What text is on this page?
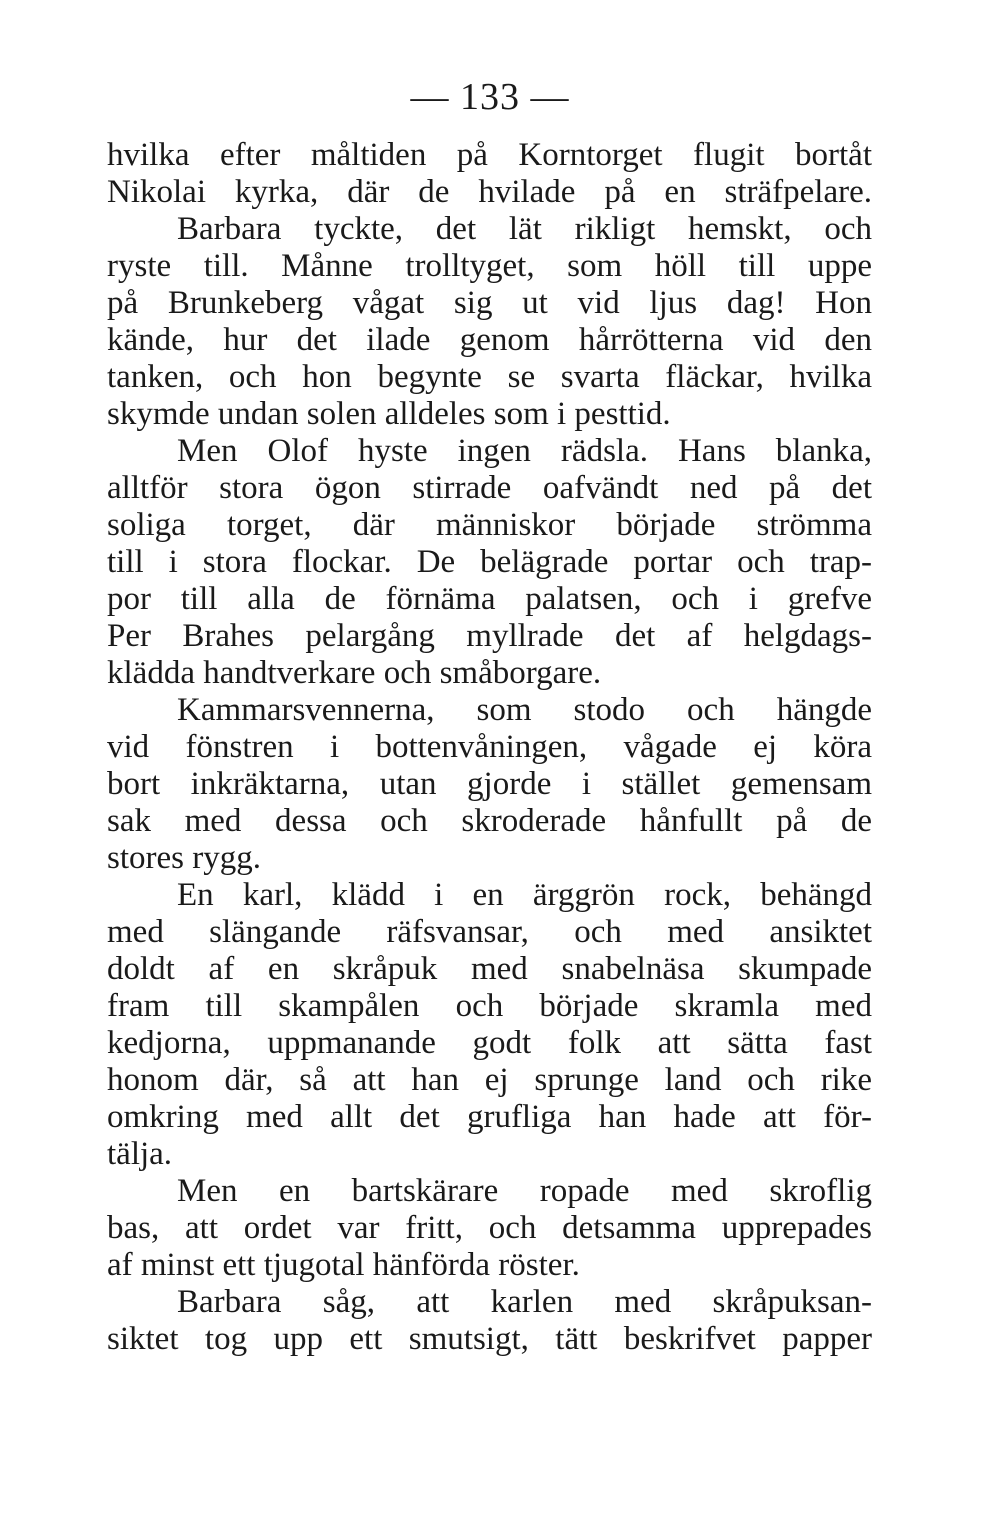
— 133 —
hvilka efter måltiden på Korntorget flugit bortåt
Nikolai kyrka, där de hvilade på en sträfpelare.
Barbara tyckte, det lät rikligt hemskt, och
ryste till. Månne trolltyget, som höll till uppe
på Brunkeberg vågat sig ut vid ljus dag! Hon
kände, hur det ilade genom hårrötterna vid den
tanken, och hon begynte se svarta fläckar, hvilka
skymde undan solen alldeles som i pesttid.
Men Olof hyste ingen rädsla. Hans blanka,
alltför stora ögon stirrade oafvändt ned på det
soliga torget, där människor började strömma
till i stora flockar. De belägrade portar och trap-
por till alla de förnäma palatsen, och i grefve
Per Brahes pelargång myllrade det af helgdags-
klädda handtverkare och småborgare.
Kammarsvennerna, som stodo och hängde
vid fönstren i bottenvåningen, vågade ej köra
bort inkräktarna, utan gjorde i stället gemensam
sak med dessa och skroderade hånfullt på de
stores rygg.
En karl, klädd i en ärggrön rock, behängd
med slängande räfsvansar, och med ansiktet
doldt af en skråpuk med snabelnäsa skumpade
fram till skampålen och började skramla med
kedjorna, uppmanande godt folk att sätta fast
honom där, så att han ej sprunge land och rike
omkring med allt det grufliga han hade att för-
tälja.
Men en bartskärare ropade med skroflig
bas, att ordet var fritt, och detsamma upprepades
af minst ett tjugotal hänförda röster.
Barbara såg, att karlen med skråpuksan-
siktet tog upp ett smutsigt, tätt beskrifvet papper
